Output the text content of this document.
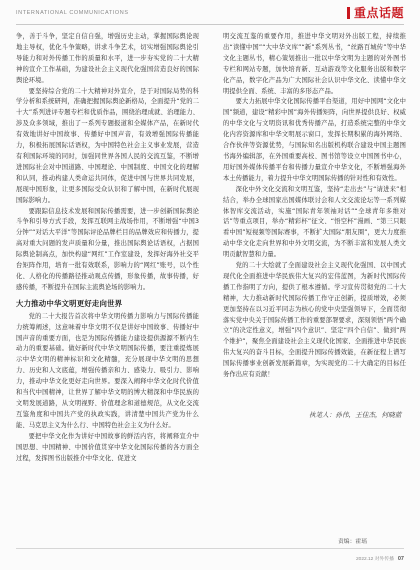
INTERNATIONAL COMMUNICATIONS	重点话题

争，善于斗争，坚定自信自强，增强历史主动，掌握国际舆论现地主导权，优化斗争策略，讲求斗争艺术，切实增强国际舆论引导能力和对外传播工作的质量和水平，进一步夯实党的二十大精神的宣介工作基础，为建设社会主义现代化强国营造良好的国际舆论环境。

要坚持综合党的二十大精神对外宣介，是于对国际局势的科学分析和系统研判，准确把握国际舆论新格局，全面提升“党的二十大”系列进评专题专栏和优质作品，围绕治理成就、治理能力、涉及众多领域，推出了一系列专题报道和全媒体产品，在新时代有效地讲好中国故事、传播好中国声音，有效增强国际传播能力，积极拓展国际话语权，为中国特色社会主义事业发展，营造有利国际环境的同时，加强同世界各国人民的交流互鉴，不断增进国际社会对中国道路、中国理论、中国制度、中国文化的理解和认同，推动构建人类命运共同体，促进中国与世界共同发展，展现中国形象，让更多国际受众认识和了解中国，在新时代展现国际影响力。

要跟踪信息技术发展和国际传播需要，进一步创新国际舆论斗争和引导方式手段，发挥互联网主战场作用，不断增强“中国3分钟”“对话大平洋”等国际评论品牌栏目的品牌效应和传播力，提高对重大问题的发声质量和分量，推出国际舆论话语权，占据国际舆论制高点，加快构建“网红”工作室建设，发挥好海外社交平台矩阵作用，培育一批有效联系，影响力的“网红”账号，以个性化、人格化的传播路径推动观点传播，形象传播，故事传播，好感传播，不断提升在国际主流舆论场的影响力。

大力推动中华文明更好走向世界

党的二十大报告首次将中华文明传播力影响力与国际传播能力统筹阐述，这意味着中华文明不仅是讲好中国故事、传播好中国声音的重要方面，也是为国际传播能力建设提供源源不断内生动力的重要基础。做好新时代中华文明国际传播，要注重提炼展示中华文明的精神标识和文化精髓，充分展现中华文明的思想力、历史和人文底蕴，增强传播亲和力、感染力、吸引力、影响力，推动中华文化更好走向世界。要深入阐释中华文化时代价值和当代中国精神，让世界了解中华文明的博大精深和中华民族的文明发展道路，从文明视野、价值理念和道德规范，从文化交流互鉴角度和中国共产党的执政实践，讲清楚中国共产党为什么能、马克思主义为什么行、中国特色社会主义为什么好。

要把中华文化作为讲好中国故事的鲜活内容，将阐释宣介中国思想、中国精神、中国价值贯穿中华文化国际传播的各方面全过程，发挥图书出版推介中华文化、促进文

明交流互鉴的重要作用，推进中华文明对外出版工程，持续推出“读懂中国”“大中华文库”“新”系列丛书，“丝路百城传”等中华文化主题丛书，精心策划推出一批以中华文明为主题的对外图书专栏和网站专题，加快培育新、互动游戏等文化服务出版和数字化产品，数字化产品为广大国际社会认识中华文化、读懂中华文明提供全面、系统、丰富的多形态产品。

要大力拓展中华文化国际传播平台渠道，用好中国网“文化中国”频道，建设“精彩中国”海外传播矩阵，向世界提供良好、权威的中华文化与文明资讯和优秀传播产品，打造系统完整的中华文化内容资源库和中华文明展示窗口，发挥长期积累的海外网络、合作伙伴等资源优势，与国际知名出版机构联合建设中国主题图书海外编辑部，在外国重要高校、图书馆等设立中国图书中心，用好国外媒体传播平台和传播力量宣介中华文化，不断增强海外本土传播能力，着力提升中华文明国际传播的针对性和有效性。

深化中外文化交流和文明互鉴，坚持“走出去”与“请进来”相结合，举办全球国家出国媒体联讨会和人文交流论坛等一系列媒体智库交流活动，实施“国际青年领袖对话”“全球青年多维对话”等重点项目，举办“精彩杯”征文、“悟空杯”漫画、“第三只眼看中国”短视频等国际赛事，不断扩大国际“朋友圈”，更大力度推动中华文化走向世界和中外文明交流，为不断丰富和发展人类文明贡献智慧和力量。

党的二十大绘就了全面建设社会主义现代化强国、以中国式现代化全面推进中华民族伟大复兴的宏伟蓝图，为新时代国际传播工作指明了方向，提供了根本遵循。学习宣传贯彻党的二十大精神，大力推动新时代国际传播工作守正创新，提质增效，必须更加坚持在以习近平同志为核心的党中央坚强领导下，全面贯彻落实党中央关于国际传播工作的重要部署要求，深刻领悟“两个确立”的决定性意义，增强“四个意识”、坚定“四个自信”、做到“两个维护”，聚焦全面建设社会主义现代化国家、全面推进中华民族伟大复兴的奋斗目标，全面提升国际传播效能，在新征程上谱写国际传播事业创新发展新篇章，为实现党的二十大确定的目标任务作出应有贡献！

执笔人：孙伟，王佳杰，何晓蓝
责编：霍瑶
2022.12 对外传播 07
